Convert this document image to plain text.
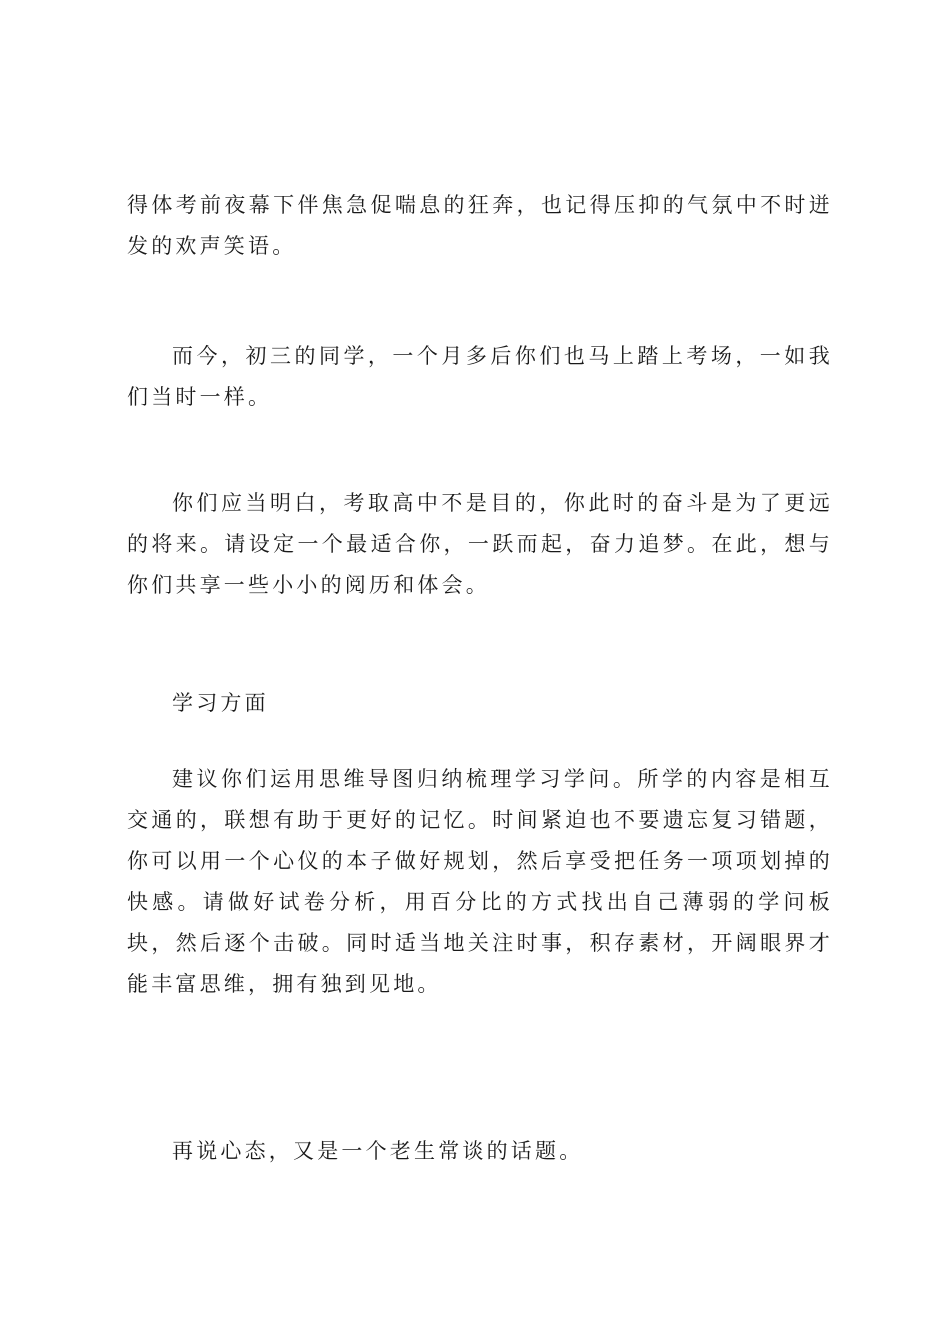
得体考前夜幕下伴焦急促喘息的狂奔，也记得压抑的气氛中不时迸发的欢声笑语。

而今，初三的同学，一个月多后你们也马上踏上考场，一如我们当时一样。

你们应当明白，考取高中不是目的，你此时的奋斗是为了更远的将来。请设定一个最适合你，一跃而起，奋力追梦。在此，想与你们共享一些小小的阅历和体会。

学习方面

建议你们运用思维导图归纳梳理学习学问。所学的内容是相互交通的，联想有助于更好的记忆。时间紧迫也不要遗忘复习错题，你可以用一个心仪的本子做好规划，然后享受把任务一项项划掉的快感。请做好试卷分析，用百分比的方式找出自己薄弱的学问板块，然后逐个击破。同时适当地关注时事，积存素材，开阔眼界才能丰富思维，拥有独到见地。

再说心态，又是一个老生常谈的话题。
